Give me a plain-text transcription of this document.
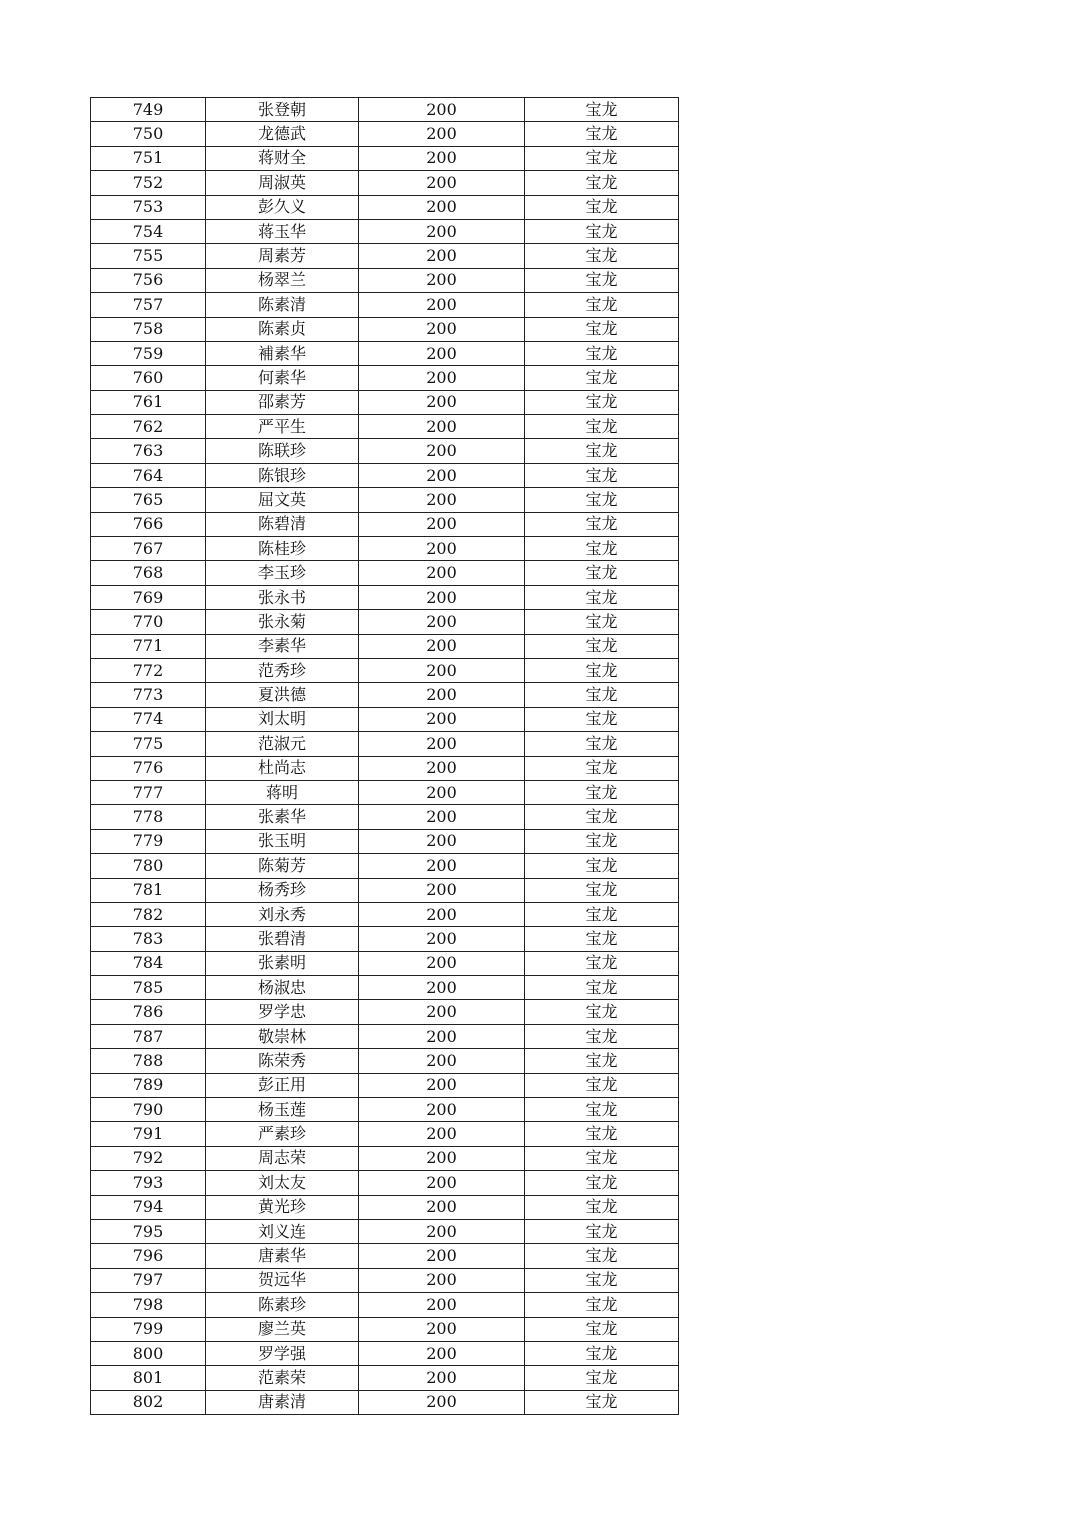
749	张登朝	200	宝龙
750	龙德武	200	宝龙
751	蒋财全	200	宝龙
752	周淑英	200	宝龙
753	彭久义	200	宝龙
754	蒋玉华	200	宝龙
755	周素芳	200	宝龙
756	杨翠兰	200	宝龙
757	陈素清	200	宝龙
758	陈素贞	200	宝龙
759	補素华	200	宝龙
760	何素华	200	宝龙
761	邵素芳	200	宝龙
762	严平生	200	宝龙
763	陈联珍	200	宝龙
764	陈银珍	200	宝龙
765	屈文英	200	宝龙
766	陈碧清	200	宝龙
767	陈桂珍	200	宝龙
768	李玉珍	200	宝龙
769	张永书	200	宝龙
770	张永菊	200	宝龙
771	李素华	200	宝龙
772	范秀珍	200	宝龙
773	夏洪德	200	宝龙
774	刘太明	200	宝龙
775	范淑元	200	宝龙
776	杜尚志	200	宝龙
777	蒋明	200	宝龙
778	张素华	200	宝龙
779	张玉明	200	宝龙
780	陈菊芳	200	宝龙
781	杨秀珍	200	宝龙
782	刘永秀	200	宝龙
783	张碧清	200	宝龙
784	张素明	200	宝龙
785	杨淑忠	200	宝龙
786	罗学忠	200	宝龙
787	敬崇林	200	宝龙
788	陈荣秀	200	宝龙
789	彭正用	200	宝龙
790	杨玉莲	200	宝龙
791	严素珍	200	宝龙
792	周志荣	200	宝龙
793	刘太友	200	宝龙
794	黄光珍	200	宝龙
795	刘义连	200	宝龙
796	唐素华	200	宝龙
797	贺远华	200	宝龙
798	陈素珍	200	宝龙
799	廖兰英	200	宝龙
800	罗学强	200	宝龙
801	范素荣	200	宝龙
802	唐素清	200	宝龙
